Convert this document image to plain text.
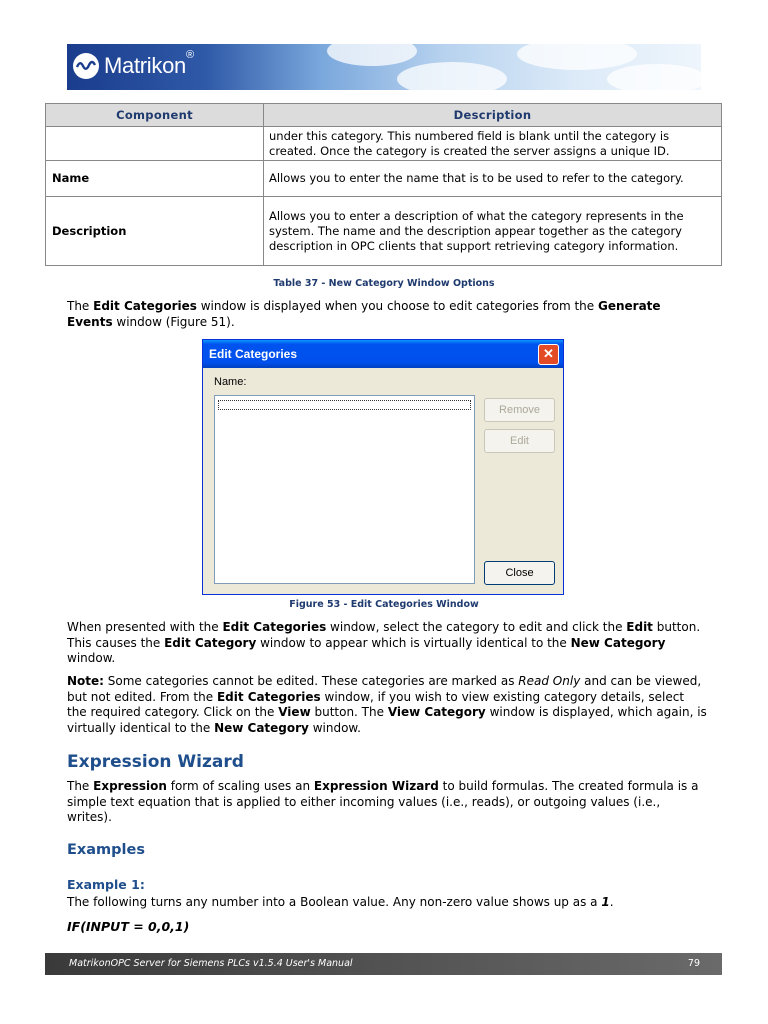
Matrikon®
Component	Description
	under this category. This numbered field is blank until the category is created. Once the category is created the server assigns a unique ID.
Name	Allows you to enter the name that is to be used to refer to the category.
Description	Allows you to enter a description of what the category represents in the system. The name and the description appear together as the category description in OPC clients that support retrieving category information.
Table 37 - New Category Window Options

The Edit Categories window is displayed when you choose to edit categories from the Generate Events window (Figure 51).

Edit Categories	✕
Name:
Remove
Edit
Close
Figure 53 - Edit Categories Window

When presented with the Edit Categories window, select the category to edit and click the Edit button. This causes the Edit Category window to appear which is virtually identical to the New Category window.

Note: Some categories cannot be edited. These categories are marked as Read Only and can be viewed, but not edited. From the Edit Categories window, if you wish to view existing category details, select the required category. Click on the View button. The View Category window is displayed, which again, is virtually identical to the New Category window.

Expression Wizard

The Expression form of scaling uses an Expression Wizard to build formulas. The created formula is a simple text equation that is applied to either incoming values (i.e., reads), or outgoing values (i.e., writes).

Examples
Example 1:

The following turns any number into a Boolean value. Any non-zero value shows up as a 1.

IF(INPUT = 0,0,1)
MatrikonOPC Server for Siemens PLCs v1.5.4 User's Manual	79
